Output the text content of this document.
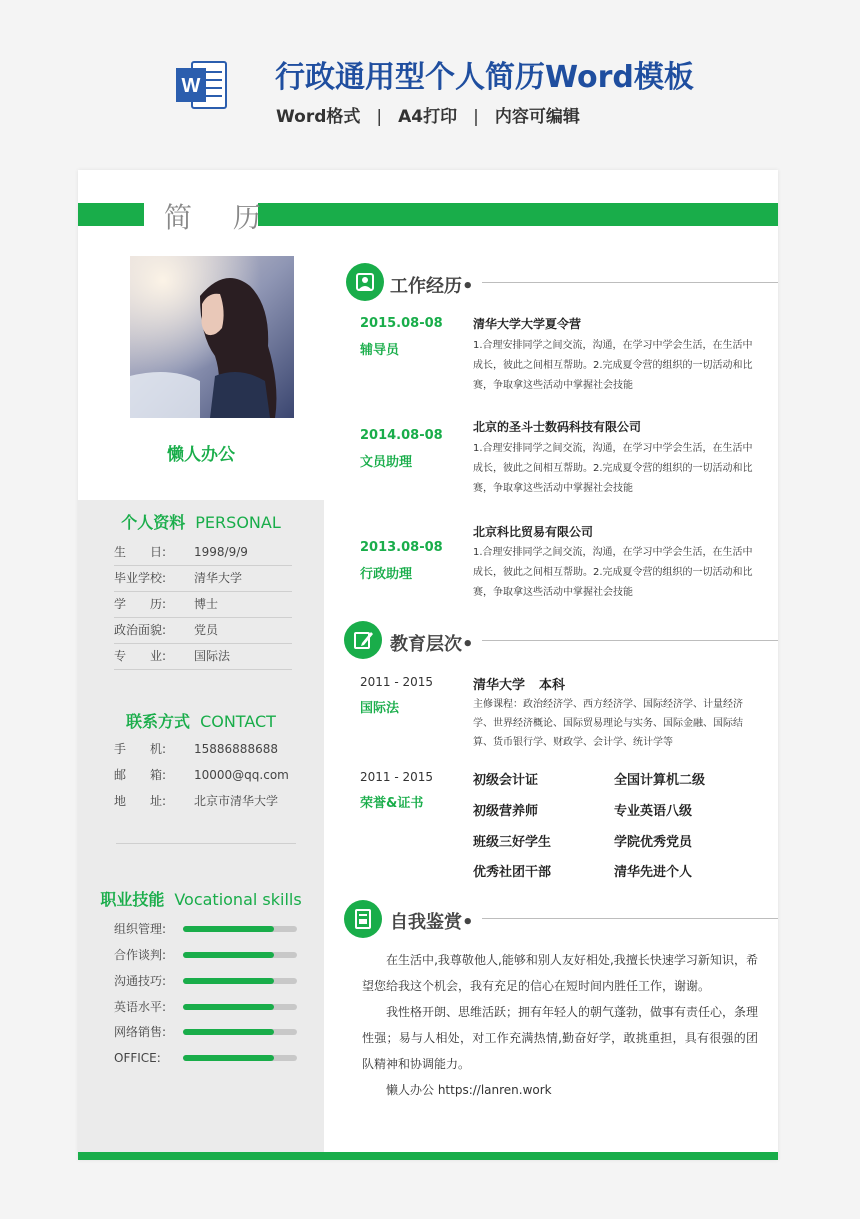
W 行政通用型个人简历Word模板
Word格式 | A4打印 | 内容可编辑
简 历
懒人办公
个人资料 PERSONAL
生　　日:	1998/9/9
毕业学校:	清华大学
学　　历:	博士
政治面貌:	党员
专　　业:	国际法
联系方式 CONTACT
手　　机:	15886888688
邮　　箱:	10000@qq.com
地　　址:	北京市清华大学
职业技能 Vocational skills
组织管理:
合作谈判:
沟通技巧:
英语水平:
网络销售:
OFFICE:
工作经历•
2015.08-08
辅导员
清华大学大学夏令营
1.合理安排同学之间交流，沟通，在学习中学会生活，在生活中成长，彼此之间相互帮助。2.完成夏令营的组织的一切活动和比赛，争取拿这些活动中掌握社会技能
2014.08-08
文员助理
北京的圣斗士数码科技有限公司
1.合理安排同学之间交流，沟通，在学习中学会生活，在生活中成长，彼此之间相互帮助。2.完成夏令营的组织的一切活动和比赛，争取拿这些活动中掌握社会技能
2013.08-08
行政助理
北京科比贸易有限公司
1.合理安排同学之间交流，沟通，在学习中学会生活，在生活中成长，彼此之间相互帮助。2.完成夏令营的组织的一切活动和比赛，争取拿这些活动中掌握社会技能
教育层次•
2011 - 2015
国际法
清华大学 本科
主修课程：政治经济学、西方经济学、国际经济学、计量经济学、世界经济概论、国际贸易理论与实务、国际金融、国际结算、货币银行学、财政学、会计学、统计学等
2011 - 2015
荣誉&证书
初级会计证	全国计算机二级
初级营养师	专业英语八级
班级三好学生	学院优秀党员
优秀社团干部	清华先进个人
自我鉴赏•

在生活中,我尊敬他人,能够和别人友好相处,我擅长快速学习新知识，希望您给我这个机会，我有充足的信心在短时间内胜任工作，谢谢。

我性格开朗、思维活跃；拥有年轻人的朝气蓬勃，做事有责任心，条理性强；易与人相处，对工作充满热情,勤奋好学，敢挑重担，具有很强的团队精神和协调能力。

懒人办公 https://lanren.work
